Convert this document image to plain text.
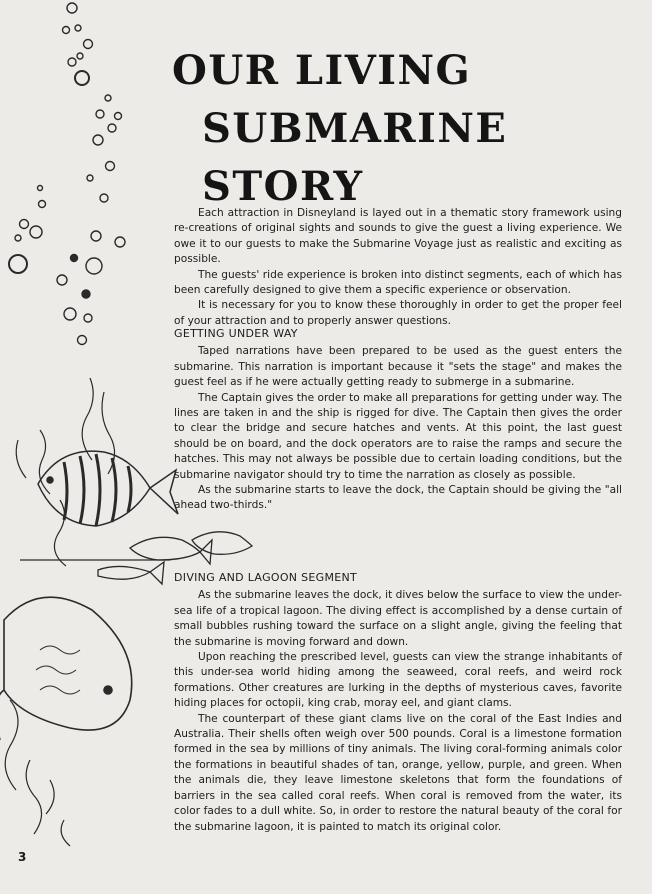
OUR LIVING
SUBMARINE STORY

Each attraction in Disneyland is layed out in a thematic story framework using re-creations of original sights and sounds to give the guest a living experience. We owe it to our guests to make the Submarine Voyage just as realistic and exciting as possible.

The guests' ride experience is broken into distinct segments, each of which has been carefully designed to give them a specific experience or observation.

It is necessary for you to know these thoroughly in order to get the proper feel of your attraction and to properly answer questions.

GETTING UNDER WAY

Taped narrations have been prepared to be used as the guest enters the submarine. This narration is important because it "sets the stage" and makes the guest feel as if he were actually getting ready to submerge in a submarine.

The Captain gives the order to make all preparations for getting under way. The lines are taken in and the ship is rigged for dive. The Captain then gives the order to clear the bridge and secure hatches and vents. At this point, the last guest should be on board, and the dock operators are to raise the ramps and secure the hatches. This may not always be possible due to certain loading conditions, but the submarine navigator should try to time the narration as closely as possible.

As the submarine starts to leave the dock, the Captain should be giving the "all ahead two-thirds."

DIVING AND LAGOON SEGMENT

As the submarine leaves the dock, it dives below the surface to view the under-sea life of a tropical lagoon. The diving effect is accomplished by a dense curtain of small bubbles rushing toward the surface on a slight angle, giving the feeling that the submarine is moving forward and down.

Upon reaching the prescribed level, guests can view the strange inhabitants of this under-sea world hiding among the seaweed, coral reefs, and weird rock formations. Other creatures are lurking in the depths of mysterious caves, favorite hiding places for octopii, king crab, moray eel, and giant clams.

The counterpart of these giant clams live on the coral of the East Indies and Australia. Their shells often weigh over 500 pounds. Coral is a limestone formation formed in the sea by millions of tiny animals. The living coral-forming animals color the formations in beautiful shades of tan, orange, yellow, purple, and green. When the animals die, they leave limestone skeletons that form the foundations of barriers in the sea called coral reefs. When coral is removed from the water, its color fades to a dull white. So, in order to restore the natural beauty of the coral for the submarine lagoon, it is painted to match its original color.

3
